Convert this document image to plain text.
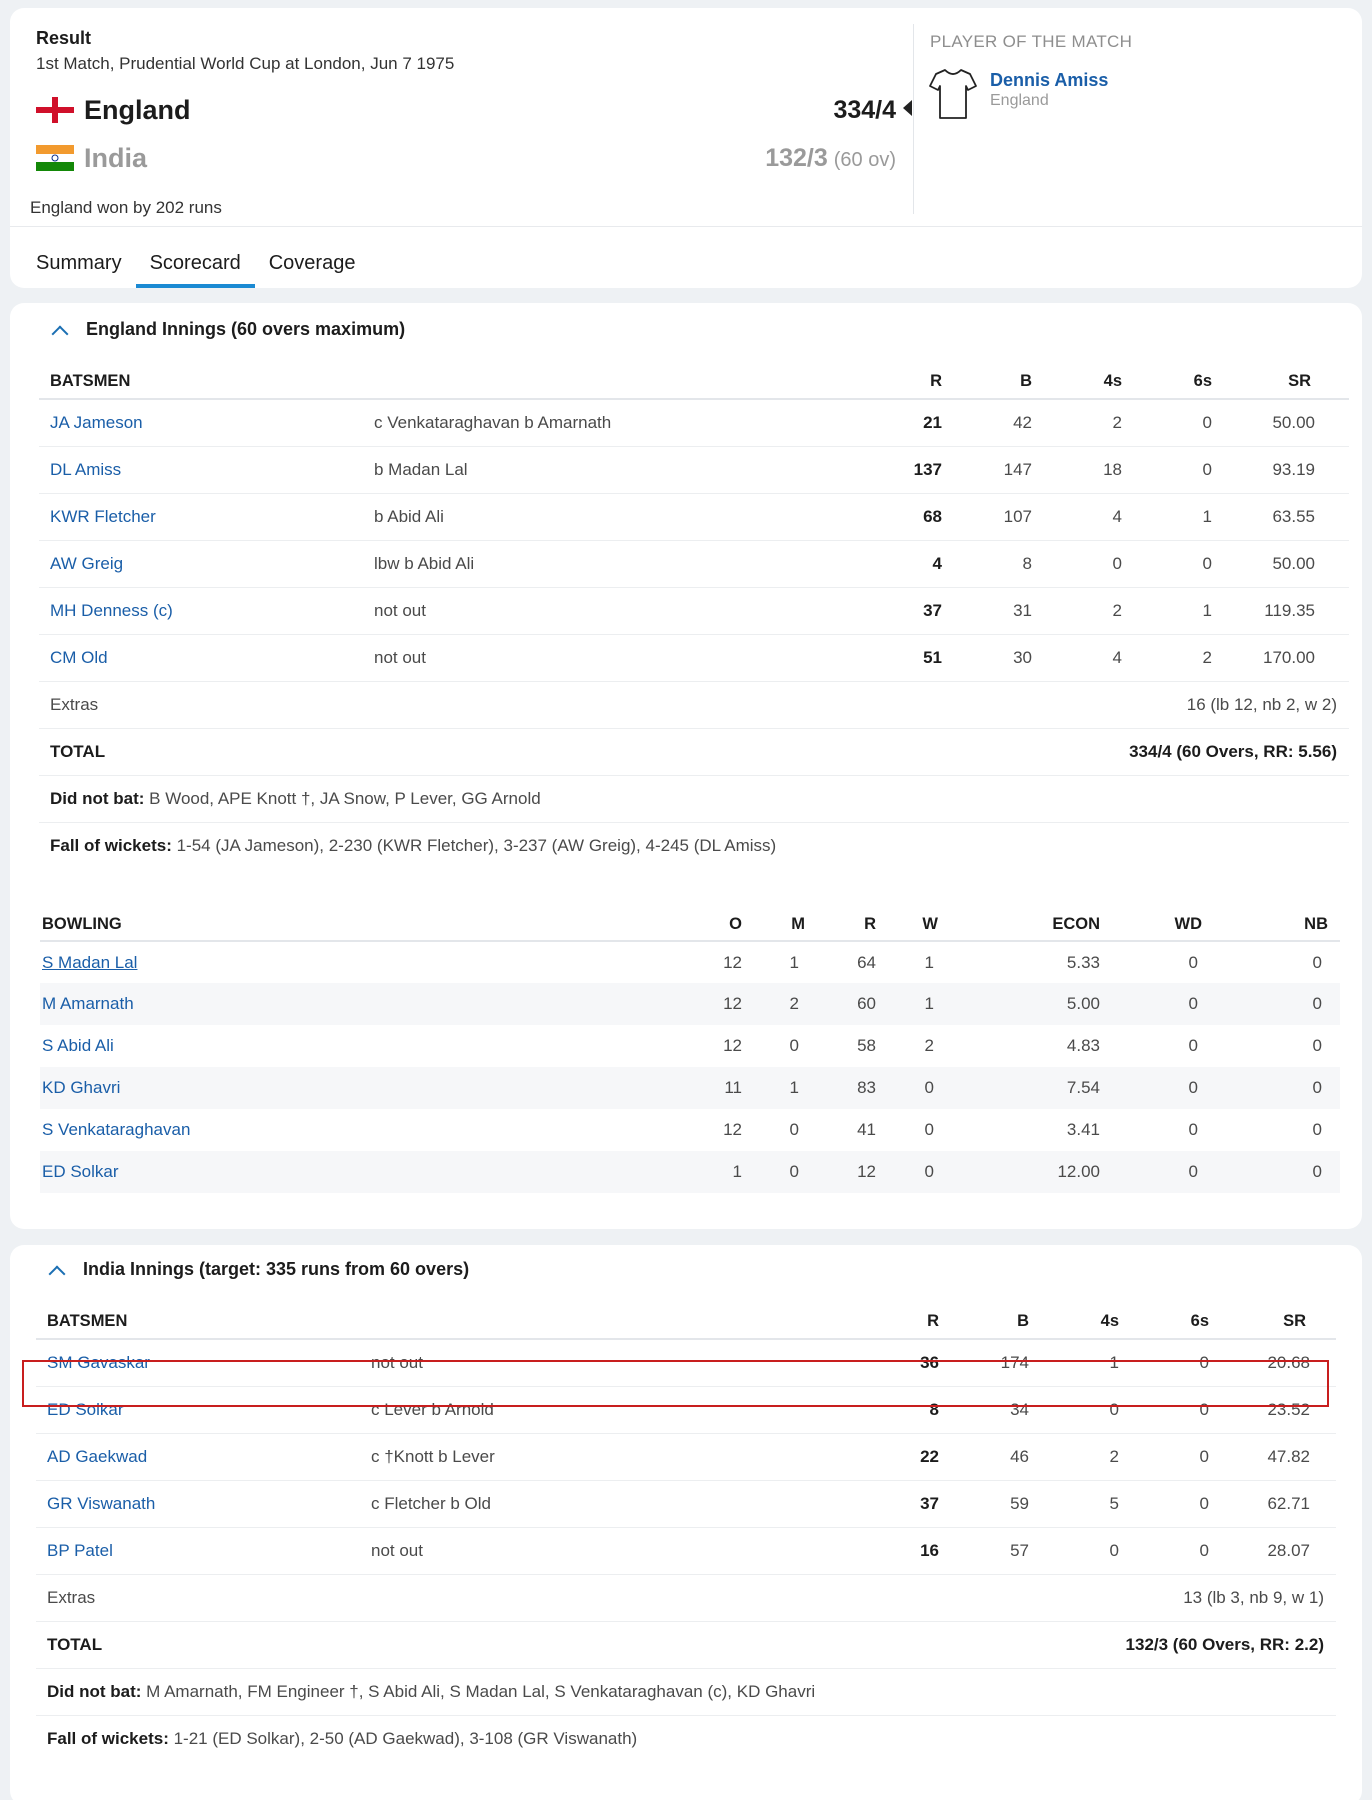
Result
1st Match, Prudential World Cup at London, Jun 7 1975
England	334/4
India	132/3 (60 ov)
England won by 202 runs
PLAYER OF THE MATCH
Dennis Amiss
England
Summary	Scorecard	Coverage
England Innings (60 overs maximum)
BATSMEN		R	B	4s	6s	SR
JA Jameson	c Venkataraghavan b Amarnath	21	42	2	0	50.00
DL Amiss	b Madan Lal	137	147	18	0	93.19
KWR Fletcher	b Abid Ali	68	107	4	1	63.55
AW Greig	lbw b Abid Ali	4	8	0	0	50.00
MH Denness (c)	not out	37	31	2	1	119.35
CM Old	not out	51	30	4	2	170.00
Extras	16 (lb 12, nb 2, w 2)					
TOTAL	334/4 (60 Overs, RR: 5.56)					
Did not bat: B Wood, APE Knott †, JA Snow, P Lever, GG Arnold						
Fall of wickets: 1-54 (JA Jameson), 2-230 (KWR Fletcher), 3-237 (AW Greig), 4-245 (DL Amiss)						
BOWLING	O	M	R	W	ECON	WD	NB
S Madan Lal	12	1	64	1	5.33	0	0
M Amarnath	12	2	60	1	5.00	0	0
S Abid Ali	12	0	58	2	4.83	0	0
KD Ghavri	11	1	83	0	7.54	0	0
S Venkataraghavan	12	0	41	0	3.41	0	0
ED Solkar	1	0	12	0	12.00	0	0
India Innings (target: 335 runs from 60 overs)
BATSMEN		R	B	4s	6s	SR
SM Gavaskar	not out	36	174	1	0	20.68
ED Solkar	c Lever b Arnold	8	34	0	0	23.52
AD Gaekwad	c †Knott b Lever	22	46	2	0	47.82
GR Viswanath	c Fletcher b Old	37	59	5	0	62.71
BP Patel	not out	16	57	0	0	28.07
Extras	13 (lb 3, nb 9, w 1)					
TOTAL	132/3 (60 Overs, RR: 2.2)					
Did not bat: M Amarnath, FM Engineer †, S Abid Ali, S Madan Lal, S Venkataraghavan (c), KD Ghavri						
Fall of wickets: 1-21 (ED Solkar), 2-50 (AD Gaekwad), 3-108 (GR Viswanath)						
